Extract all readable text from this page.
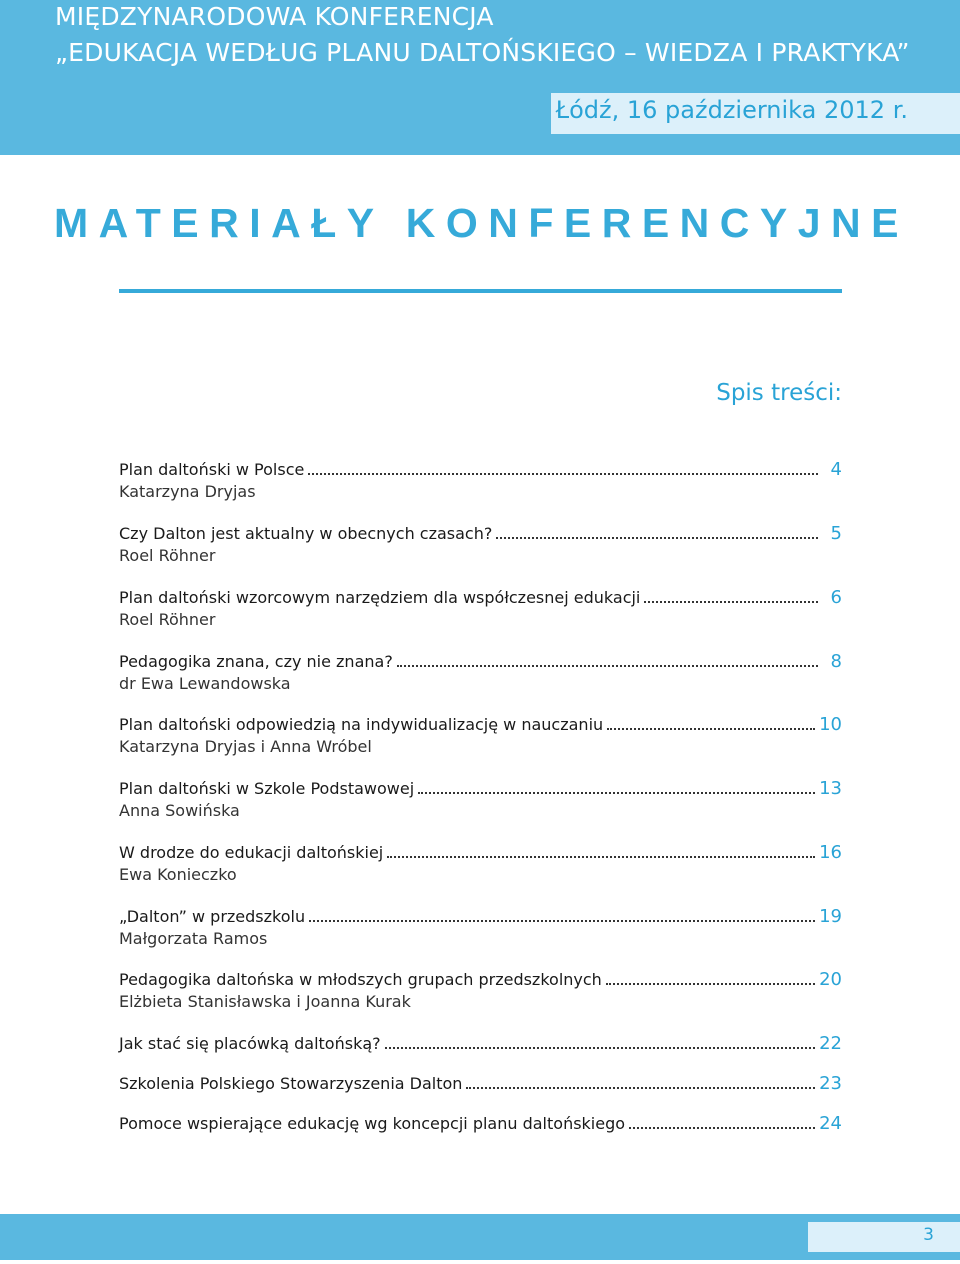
MIĘDZYNARODOWA KONFERENCJA
„EDUKACJA WEDŁUG PLANU DALTOŃSKIEGO – WIEDZA I PRAKTYKA”
Łódź, 16 października 2012 r.
MATERIAŁY KONFERENCYJNE
Spis treści:
Plan daltoński w Polsce	4
Katarzyna Dryjas
Czy Dalton jest aktualny w obecnych czasach?	5
Roel Röhner
Plan daltoński wzorcowym narzędziem dla współczesnej edukacji	6
Roel Röhner
Pedagogika znana, czy nie znana?	8
dr Ewa Lewandowska
Plan daltoński odpowiedzią na indywidualizację w nauczaniu	10
Katarzyna Dryjas i Anna Wróbel
Plan daltoński w Szkole Podstawowej	13
Anna Sowińska
W drodze do edukacji daltońskiej	16
Ewa Konieczko
„Dalton” w przedszkolu	19
Małgorzata Ramos
Pedagogika daltońska w młodszych grupach przedszkolnych	20
Elżbieta Stanisławska i Joanna Kurak
Jak stać się placówką daltońską?	22
Szkolenia Polskiego Stowarzyszenia Dalton	23
Pomoce wspierające edukację wg koncepcji planu daltońskiego	24
3
